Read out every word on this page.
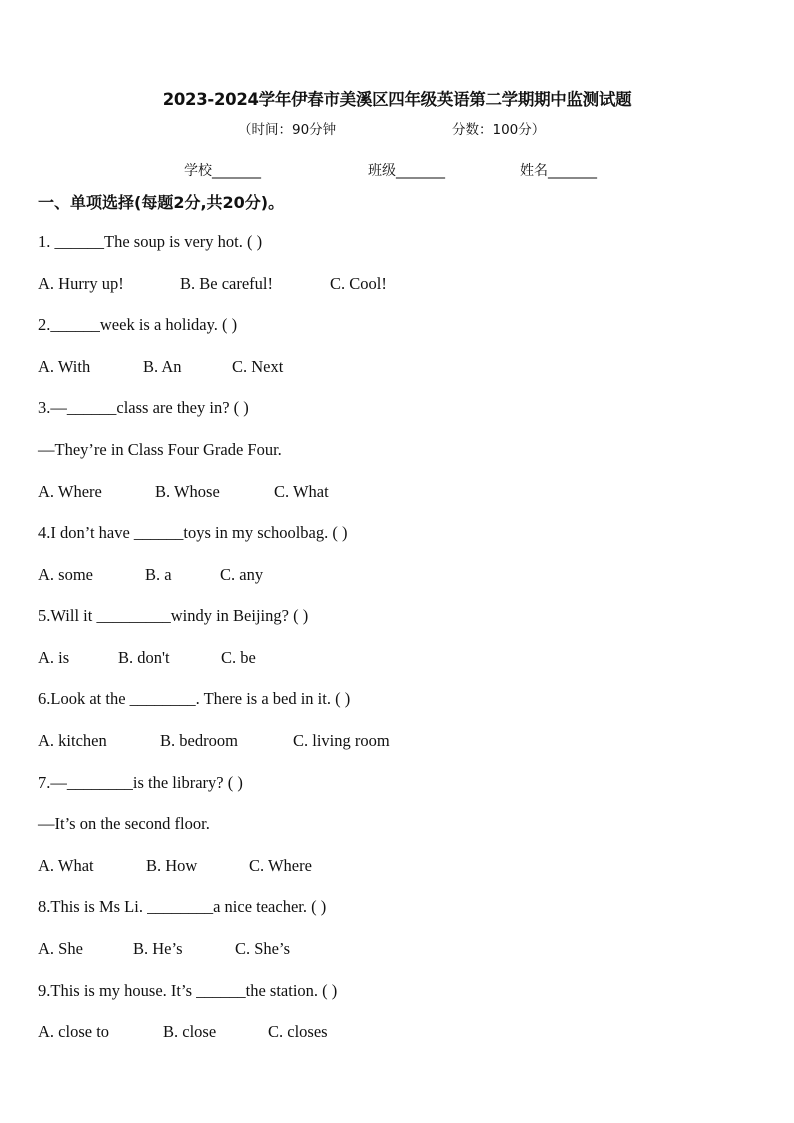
2023-2024学年伊春市美溪区四年级英语第二学期期中监测试题
（时间：90分钟	分数：100分）
学校_______	班级_______	姓名_______
一、单项选择(每题2分,共20分)。
1. ______The soup is very hot. ( )
A. Hurry up!	B. Be careful!	C. Cool!
2.______week is a holiday. ( )
A. With	B. An	C. Next
3.—______class are they in? ( )
—They’re in Class Four Grade Four.
A. Where	B. Whose	C. What
4.I don’t have ______toys in my schoolbag. ( )
A. some	B. a	C. any
5.Will it _________windy in Beijing? ( )
A. is	B. don't	C. be
6.Look at the ________. There is a bed in it. ( )
A. kitchen	B. bedroom	C. living room
7.—________is the library? ( )
—It’s on the second floor.
A. What	B. How	C. Where
8.This is Ms Li. ________a nice teacher. ( )
A. She	B. He’s	C. She’s
9.This is my house. It’s ______the station. ( )
A. close to	B. close	C. closes
